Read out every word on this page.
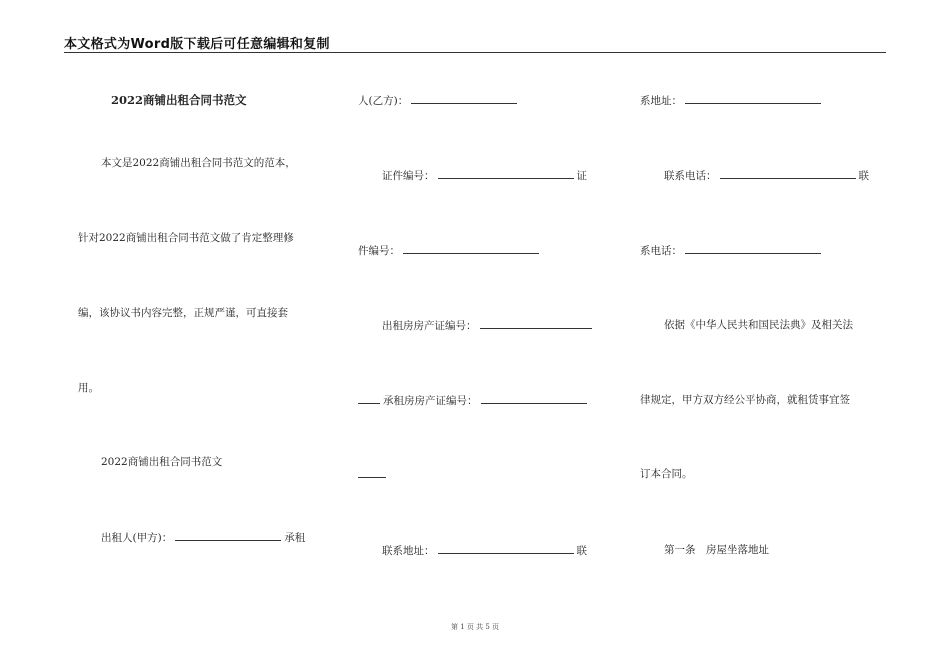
本文格式为Word版下载后可任意编辑和复制
2022商铺出租合同书范文
本文是2022商铺出租合同书范文的范本，
针对2022商铺出租合同书范文做了肯定整理修
编，该协议书内容完整，正规严谨，可直接套
用。
2022商铺出租合同书范文
出租人(甲方)：	承租
人(乙方)：
证件编号：	证
件编号：
出租房房产证编号：
承租房房产证编号：
联系地址：	联
系地址：
联系电话：	联
系电话：
依据《中华人民共和国民法典》及相关法
律规定，甲方双方经公平协商，就租赁事宜签
订本合同。
第一条　房屋坐落地址
第 1 页 共 5 页
